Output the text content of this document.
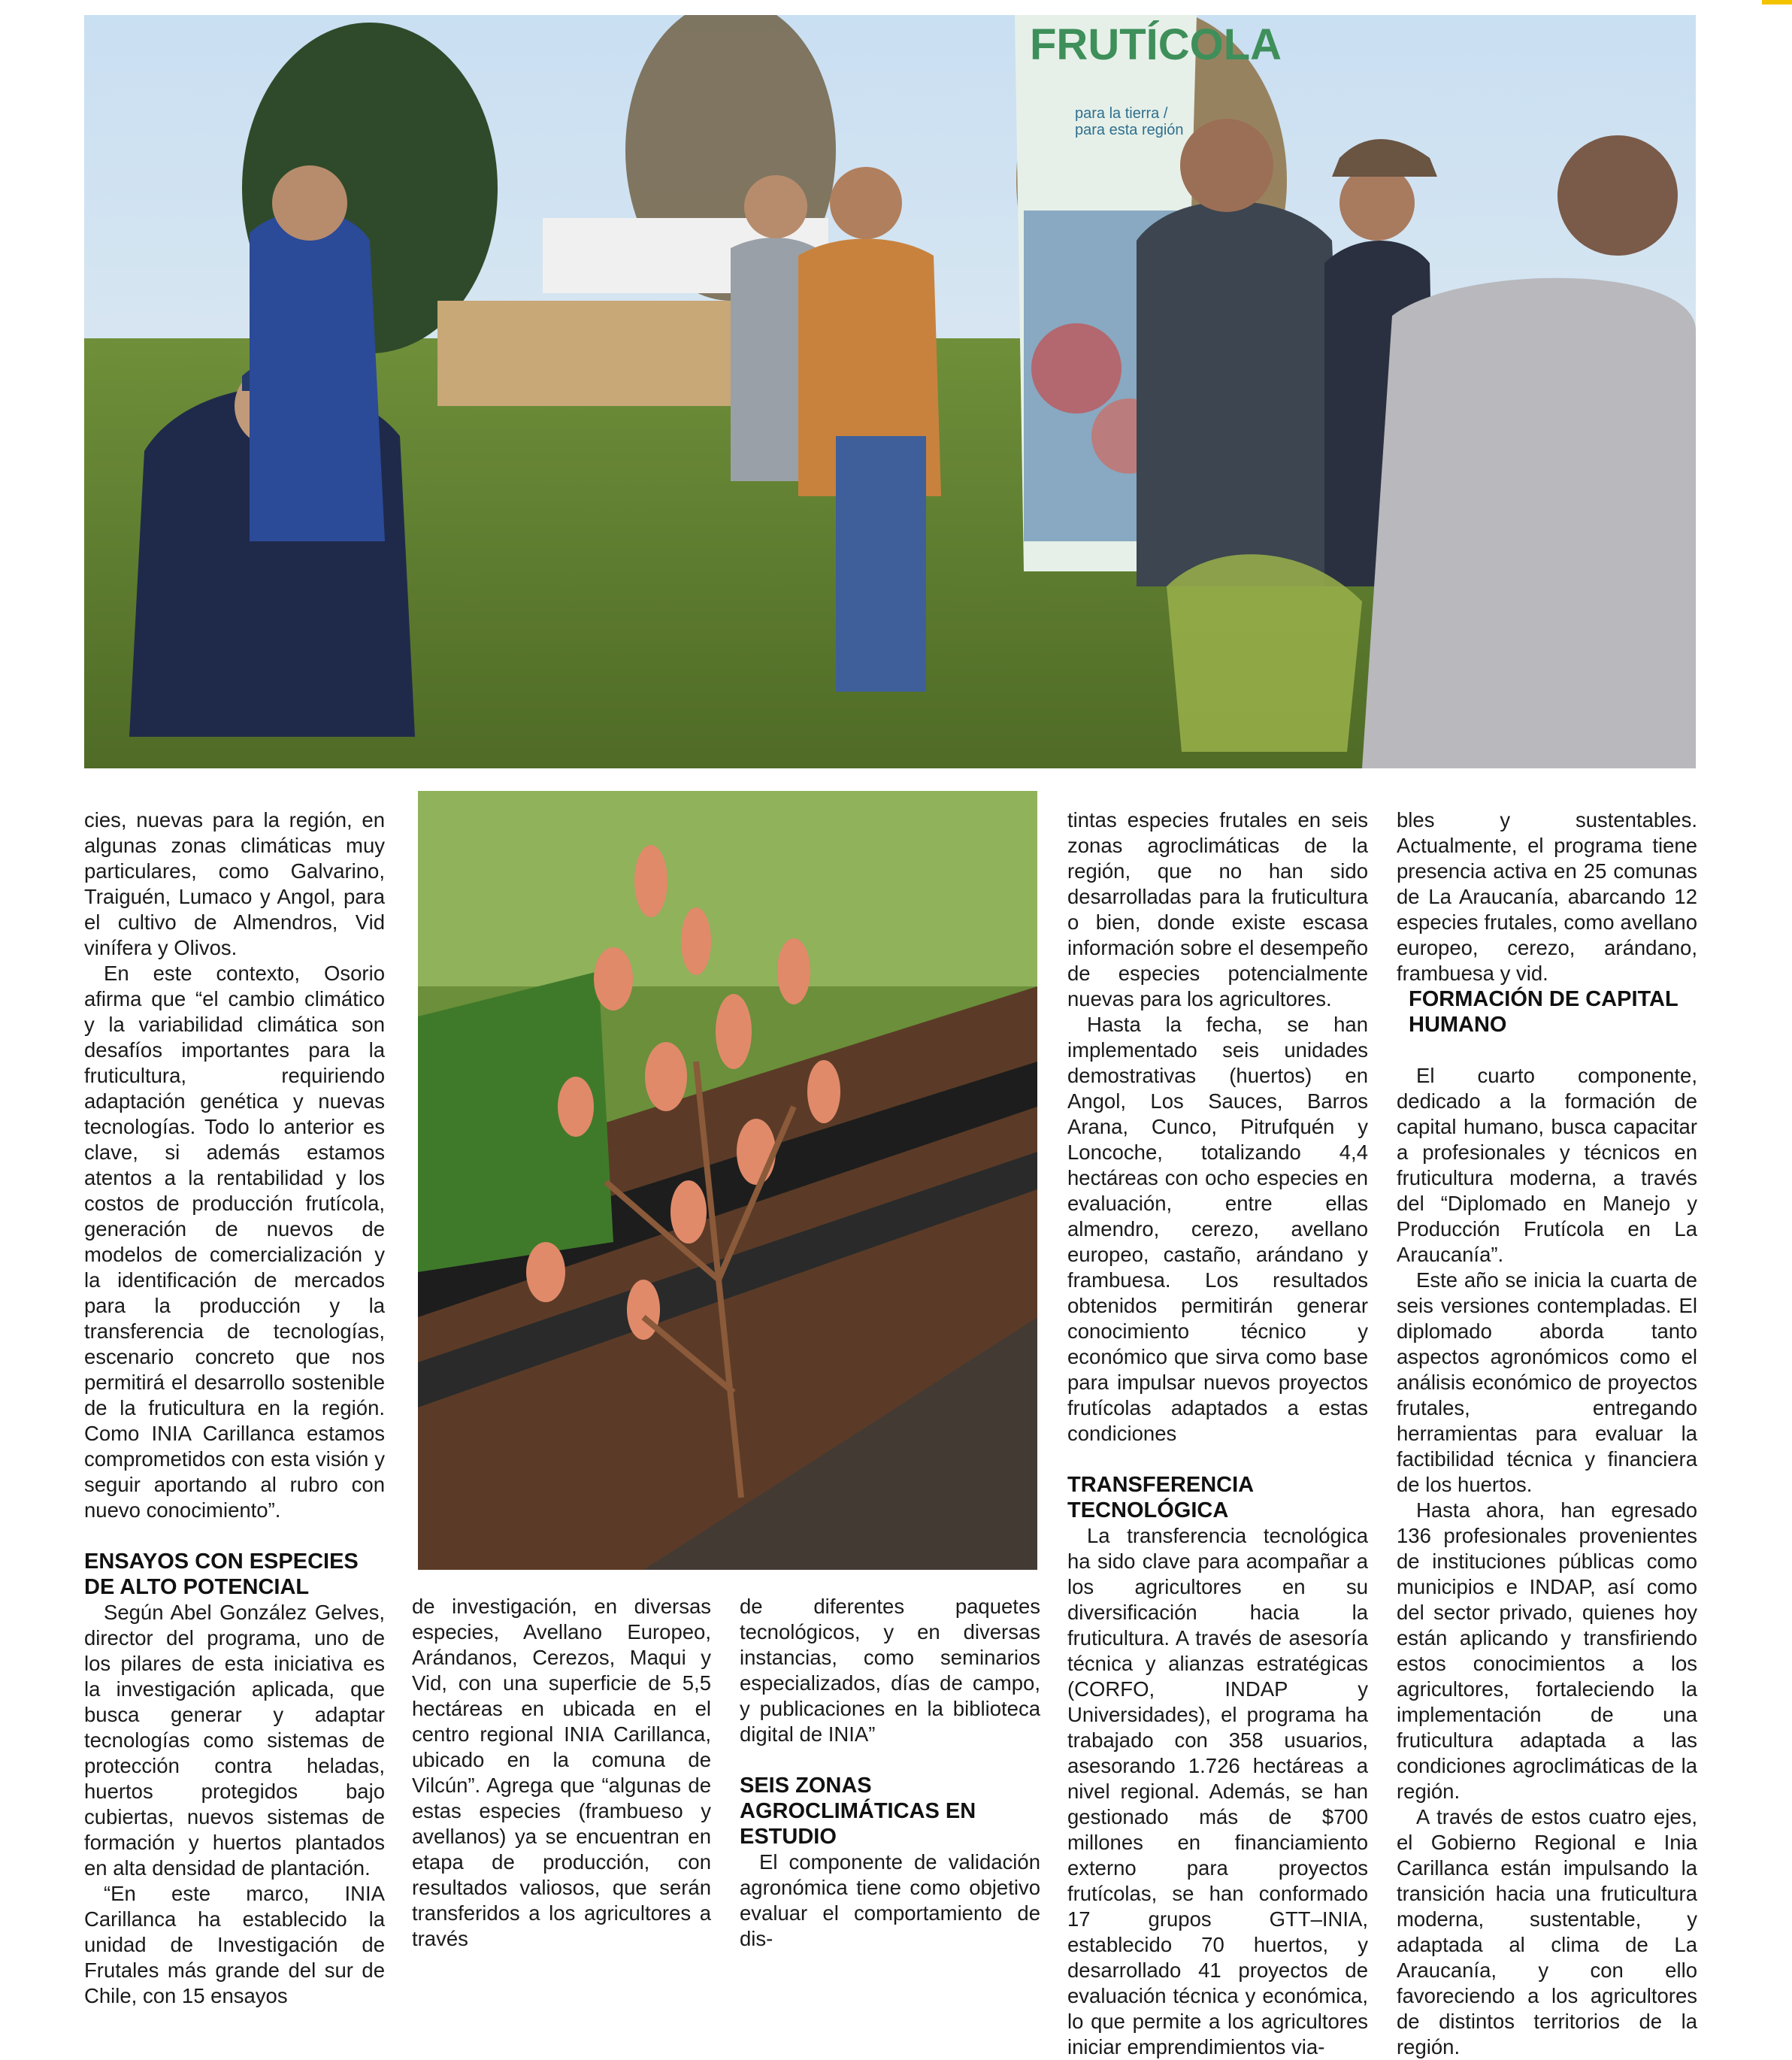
FRUTÍCOLA
para la tierra / para esta región

cies, nuevas para la región, en algunas zonas climáticas muy particulares, como Galvarino, Traiguén, Lumaco y Angol, para el cultivo de Almendros, Vid vinífera y Olivos.

En este contexto, Osorio afirma que “el cambio climático y la variabilidad climática son desafíos importantes para la fruticultura, requiriendo adaptación genética y nuevas tecnologías. Todo lo anterior es clave, si además estamos atentos a la rentabilidad y los costos de producción frutícola, generación de nuevos de modelos de comercialización y la identificación de mercados para la producción y la transferencia de tecnologías, escenario concreto que nos permitirá el desarrollo sostenible de la fruticultura en la región. Como INIA Carillanca estamos comprometidos con esta visión y seguir aportando al rubro con nuevo conocimiento”.

ENSAYOS CON ESPECIES DE ALTO POTENCIAL

Según Abel González Gelves, director del programa, uno de los pilares de esta iniciativa es la investigación aplicada, que busca generar y adaptar tecnologías como sistemas de protección contra heladas, huertos protegidos bajo cubiertas, nuevos sistemas de formación y huertos plantados en alta densidad de plantación.

“En este marco, INIA Carillanca ha establecido la unidad de Investigación de Frutales más grande del sur de Chile, con 15 ensayos

de investigación, en diversas especies, Avellano Europeo, Arándanos, Cerezos, Maqui y Vid, con una superficie de 5,5 hectáreas en ubicada en el centro regional INIA Carillanca, ubicado en la comuna de Vilcún”. Agrega que “algunas de estas especies (frambueso y avellanos) ya se encuentran en etapa de producción, con resultados valiosos, que serán transferidos a los agricultores a través

de diferentes paquetes tecnológicos, y en diversas instancias, como seminarios especializados, días de campo, y publicaciones en la biblioteca digital de INIA”

SEIS ZONAS AGROCLIMÁTICAS EN ESTUDIO

El componente de validación agronómica tiene como objetivo evaluar el comportamiento de dis-

tintas especies frutales en seis zonas agroclimáticas de la región, que no han sido desarrolladas para la fruticultura o bien, donde existe escasa información sobre el desempeño de especies potencialmente nuevas para los agricultores.

Hasta la fecha, se han implementado seis unidades demostrativas (huertos) en Angol, Los Sauces, Barros Arana, Cunco, Pitrufquén y Loncoche, totalizando 4,4 hectáreas con ocho especies en evaluación, entre ellas almendro, cerezo, avellano europeo, castaño, arándano y frambuesa. Los resultados obtenidos permitirán generar conocimiento técnico y económico que sirva como base para impulsar nuevos proyectos frutícolas adaptados a estas condiciones

TRANSFERENCIA TECNOLÓGICA

La transferencia tecnológica ha sido clave para acompañar a los agricultores en su diversificación hacia la fruticultura. A través de asesoría técnica y alianzas estratégicas (CORFO, INDAP y Universidades), el programa ha trabajado con 358 usuarios, asesorando 1.726 hectáreas a nivel regional. Además, se han gestionado más de $700 millones en financiamiento externo para proyectos frutícolas, se han conformado 17 grupos GTT–INIA, establecido 70 huertos, y desarrollado 41 proyectos de evaluación técnica y económica, lo que permite a los agricultores iniciar emprendimientos via-

bles y sustentables. Actualmente, el programa tiene presencia activa en 25 comunas de La Araucanía, abarcando 12 especies frutales, como avellano europeo, cerezo, arándano, frambuesa y vid.

FORMACIÓN DE CAPITAL HUMANO

El cuarto componente, dedicado a la formación de capital humano, busca capacitar a profesionales y técnicos en fruticultura moderna, a través del “Diplomado en Manejo y Producción Frutícola en La Araucanía”.

Este año se inicia la cuarta de seis versiones contempladas. El diplomado aborda tanto aspectos agronómicos como el análisis económico de proyectos frutales, entregando herramientas para evaluar la factibilidad técnica y financiera de los huertos.

Hasta ahora, han egresado 136 profesionales provenientes de instituciones públicas como municipios e INDAP, así como del sector privado, quienes hoy están aplicando y transfiriendo estos conocimientos a los agricultores, fortaleciendo la implementación de una fruticultura adaptada a las condiciones agroclimáticas de la región.

A través de estos cuatro ejes, el Gobierno Regional e Inia Carillanca están impulsando la transición hacia una fruticultura moderna, sustentable, y adaptada al clima de La Araucanía, y con ello favoreciendo a los agricultores de distintos territorios de la región.
